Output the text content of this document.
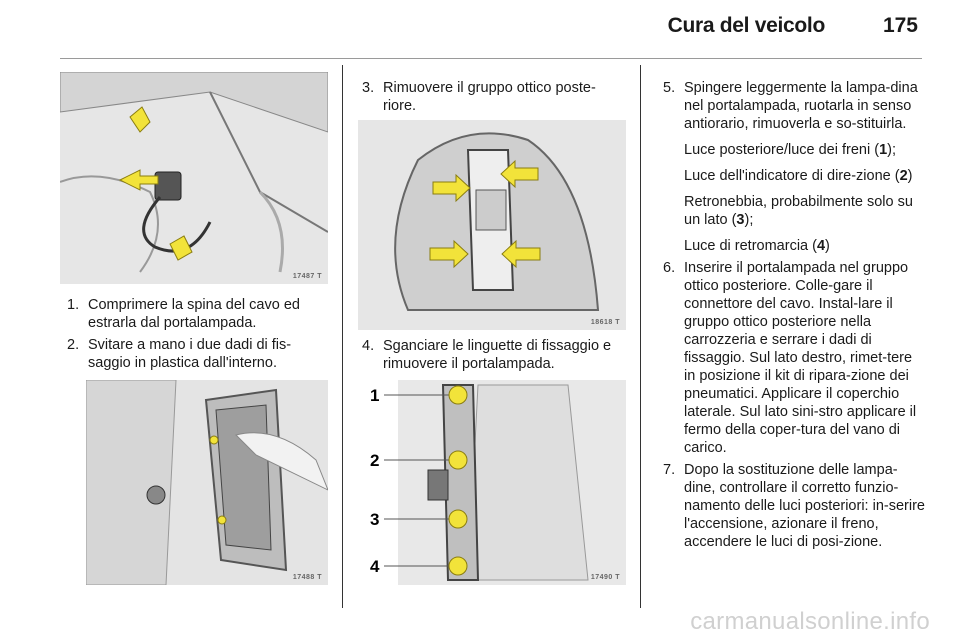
Cura del veicolo	175
17487 T
1. Comprimere la spina del cavo ed estrarla dal portalampada.
2. Svitare a mano i due dadi di fis-saggio in plastica dall'interno.
17488 T
3. Rimuovere il gruppo ottico poste-riore.
18618 T
4. Sganciare le linguette di fissaggio e rimuovere il portalampada.
1
2
3
4
17490 T
5. Spingere leggermente la lampa-dina nel portalampada, ruotarla in senso antiorario, rimuoverla e so-stituirla.
Luce posteriore/luce dei freni (1);
Luce dell'indicatore di dire-zione (2)
Retronebbia, probabilmente solo su un lato (3);
Luce di retromarcia (4)
6. Inserire il portalampada nel gruppo ottico posteriore. Colle-gare il connettore del cavo. Instal-lare il gruppo ottico posteriore nella carrozzeria e serrare i dadi di fissaggio. Sul lato destro, rimet-tere in posizione il kit di ripara-zione dei pneumatici. Applicare il coperchio laterale. Sul lato sini-stro applicare il fermo della coper-tura del vano di carico.
7. Dopo la sostituzione delle lampa-dine, controllare il corretto funzio-namento delle luci posteriori: in-serire l'accensione, azionare il freno, accendere le luci di posi-zione.
carmanualsonline.info
